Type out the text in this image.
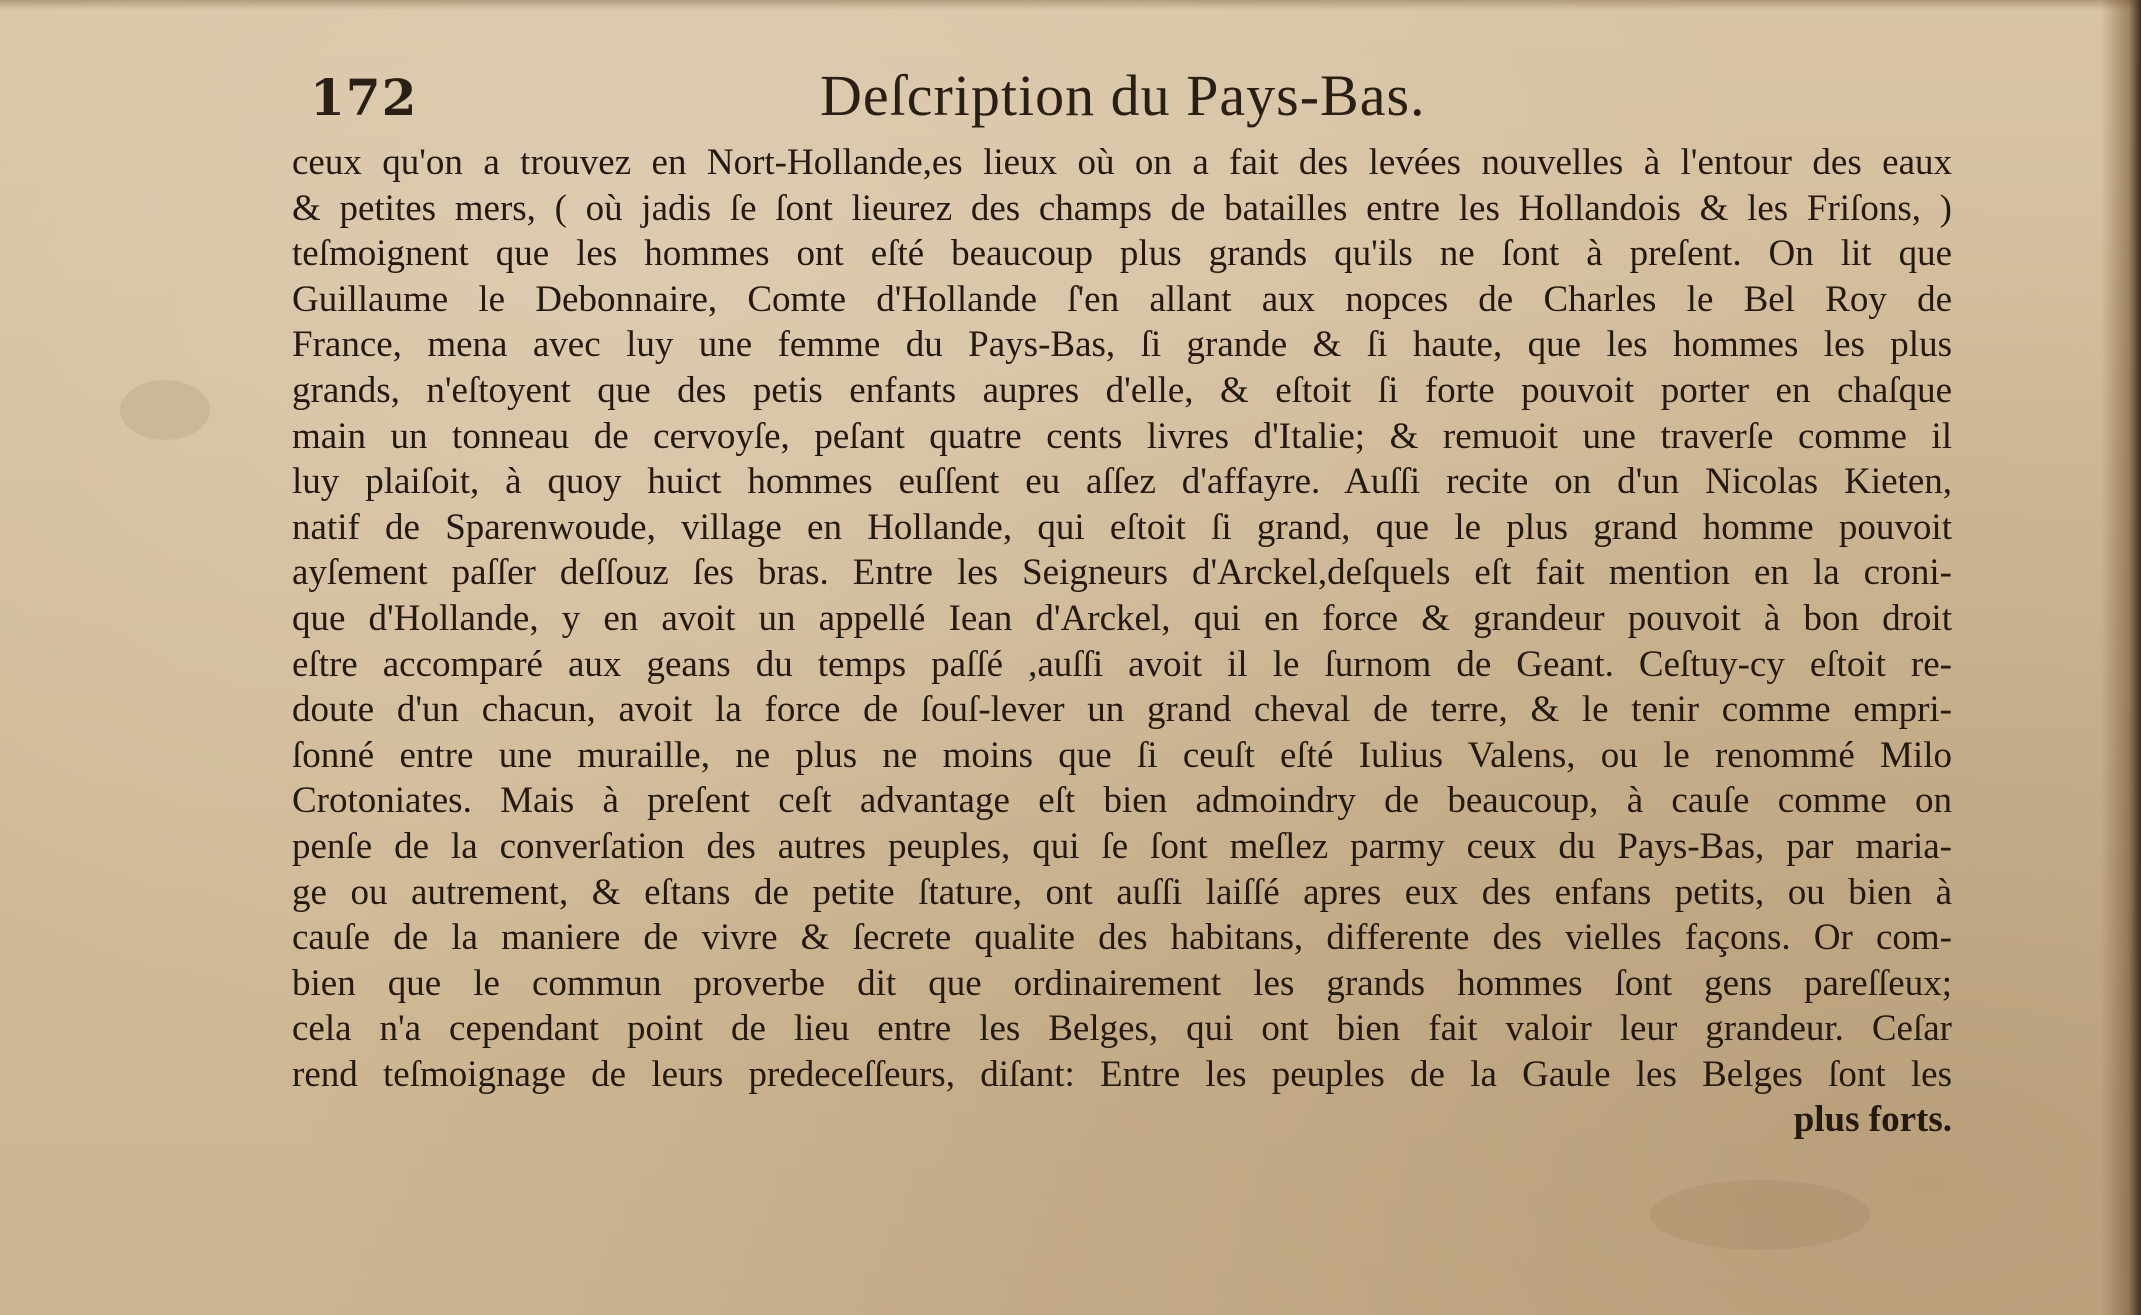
172	Deſcription du Pays-Bas.
ceux qu'on a trouvez en Nort-Hollande,es lieux où on a fait des levées nouvelles à l'entour des eaux
& petites mers, ( où jadis ſe ſont lieurez des champs de batailles entre les Hollandois & les Friſons, )
teſmoignent que les hommes ont eſté beaucoup plus grands qu'ils ne ſont à preſent. On lit que
Guillaume le Debonnaire, Comte d'Hollande ſ'en allant aux nopces de Charles le Bel Roy de
France, mena avec luy une femme du Pays-Bas, ſi grande & ſi haute, que les hommes les plus
grands, n'eſtoyent que des petis enfants aupres d'elle, & eſtoit ſi forte pouvoit porter en chaſque
main un tonneau de cervoyſe, peſant quatre cents livres d'Italie; & remuoit une traverſe comme il
luy plaiſoit, à quoy huict hommes euſſent eu aſſez d'affayre. Auſſi recite on d'un Nicolas Kieten,
natif de Sparenwoude, village en Hollande, qui eſtoit ſi grand, que le plus grand homme pouvoit
ayſement paſſer deſſouz ſes bras. Entre les Seigneurs d'Arckel,deſquels eſt fait mention en la croni-
que d'Hollande, y en avoit un appellé Iean d'Arckel, qui en force & grandeur pouvoit à bon droit
eſtre accomparé aux geans du temps paſſé ,auſſi avoit il le ſurnom de Geant. Ceſtuy-cy eſtoit re-
doute d'un chacun, avoit la force de ſouſ-lever un grand cheval de terre, & le tenir comme empri-
ſonné entre une muraille, ne plus ne moins que ſi ceuſt eſté Iulius Valens, ou le renommé Milo
Crotoniates. Mais à preſent ceſt advantage eſt bien admoindry de beaucoup, à cauſe comme on
penſe de la converſation des autres peuples, qui ſe ſont meſlez parmy ceux du Pays-Bas, par maria-
ge ou autrement, & eſtans de petite ſtature, ont auſſi laiſſé apres eux des enfans petits, ou bien à
cauſe de la maniere de vivre & ſecrete qualite des habitans, differente des vielles façons. Or com-
bien que le commun proverbe dit que ordinairement les grands hommes ſont gens pareſſeux;
cela n'a cependant point de lieu entre les Belges, qui ont bien fait valoir leur grandeur. Ceſar
rend teſmoignage de leurs predeceſſeurs, diſant: Entre les peuples de la Gaule les Belges ſont les
plus forts.
